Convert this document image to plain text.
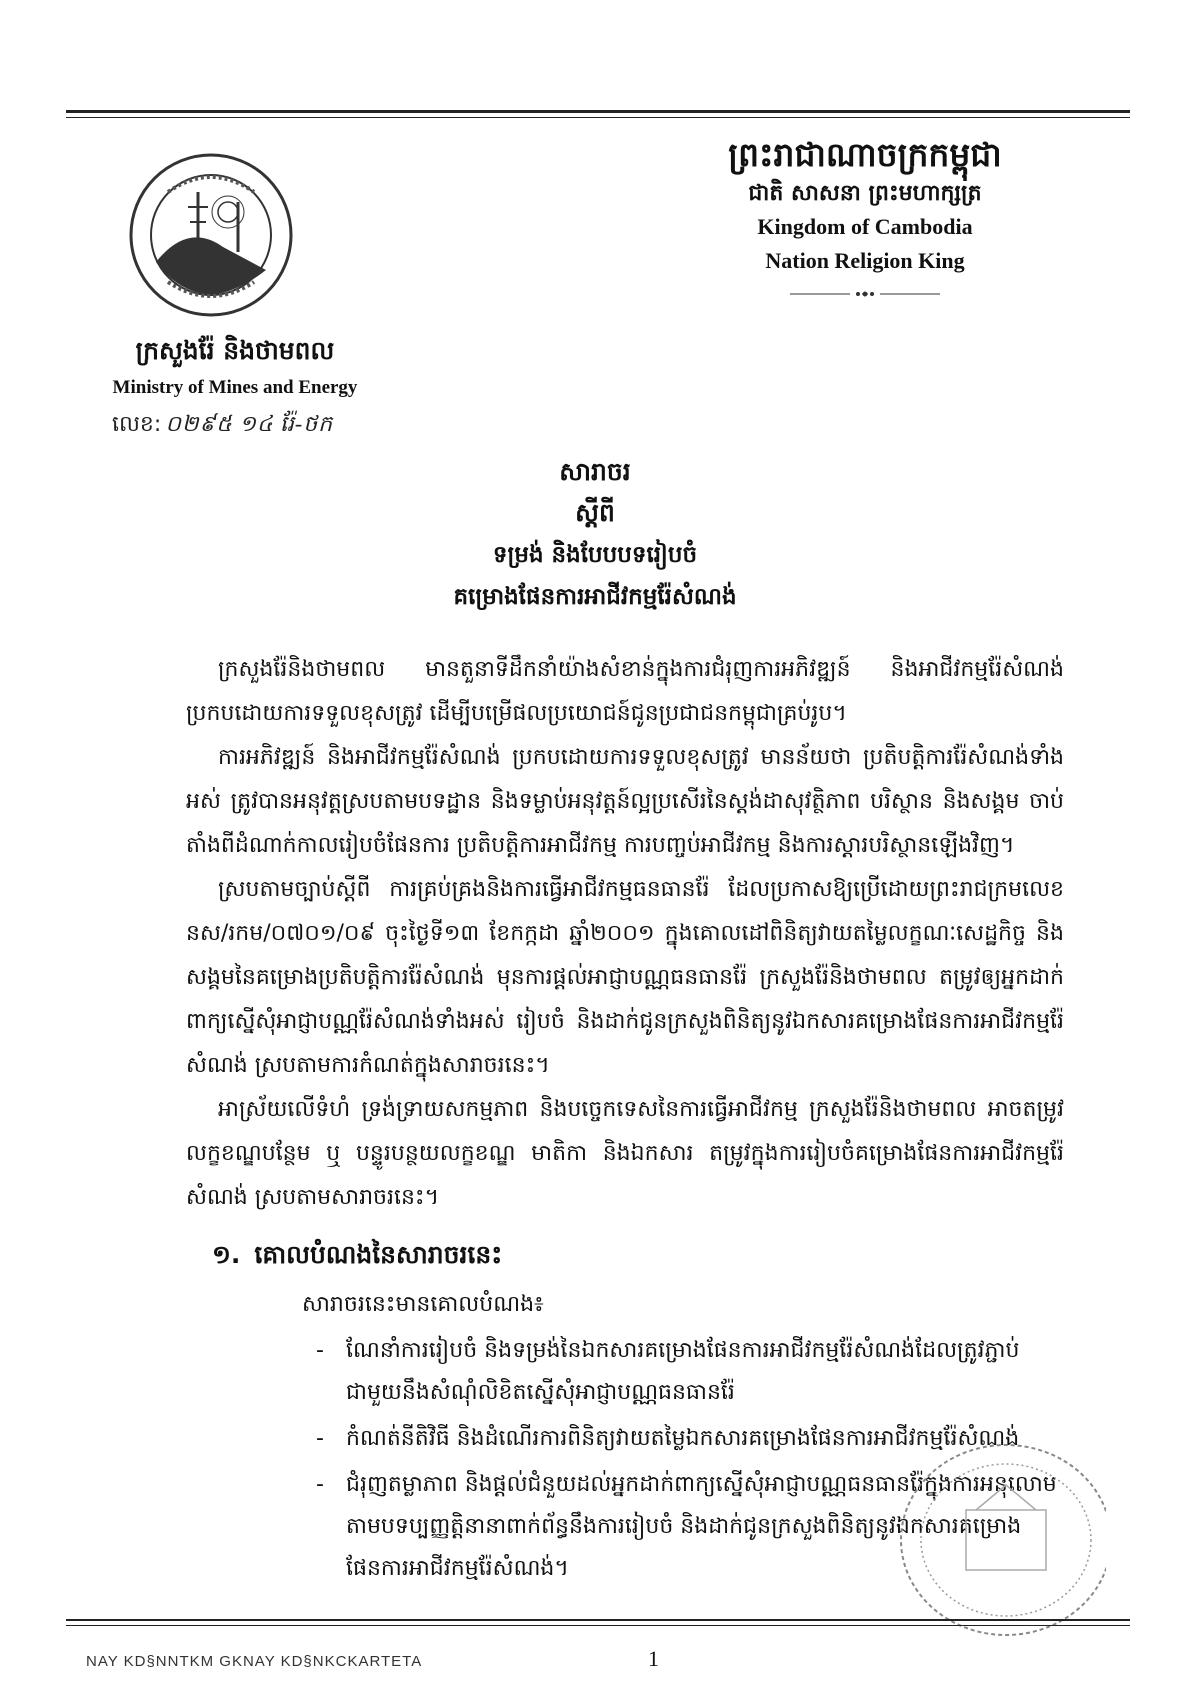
ក្រសួងរ៉ែ និងថាមពល
Ministry of Mines and Energy
លេខ: ០២៩៥ ១៤ រ៉ែ-ថក
ព្រះរាជាណាចក្រកម្ពុជា
ជាតិ សាសនា ព្រះមហាក្សត្រ
Kingdom of Cambodia
Nation Religion King
សារាចរ
ស្តីពី
ទម្រង់ និងបែបបទរៀបចំ
គម្រោងផែនការអាជីវកម្មរ៉ែសំណង់

ក្រសួងរ៉ែនិងថាមពល មានតួនាទីដឹកនាំយ៉ាងសំខាន់ក្នុងការជំរុញការអភិវឌ្ឍន៍ និងអាជីវកម្មរ៉ែសំណង់ប្រកបដោយការទទួលខុសត្រូវ ដើម្បីបម្រើផលប្រយោជន៍ជូនប្រជាជនកម្ពុជាគ្រប់រូប។

ការអភិវឌ្ឍន៍ និងអាជីវកម្មរ៉ែសំណង់ ប្រកបដោយការទទួលខុសត្រូវ មានន័យថា ប្រតិបត្តិការរ៉ែសំណង់ទាំងអស់ ត្រូវបានអនុវត្តស្របតាមបទដ្ឋាន និងទម្លាប់អនុវត្តន៍ល្អប្រសើរនៃស្តង់ដាសុវត្ថិភាព បរិស្ថាន និងសង្គម ចាប់តាំងពីដំណាក់កាលរៀបចំផែនការ ប្រតិបត្តិការអាជីវកម្ម ការបញ្ចប់អាជីវកម្ម និងការស្តារបរិស្ថានឡើងវិញ។

ស្របតាមច្បាប់ស្តីពី ការគ្រប់គ្រងនិងការធ្វើអាជីវកម្មធនធានរ៉ែ ដែលប្រកាសឱ្យប្រើដោយព្រះរាជក្រមលេខ នស/រកម/០៧០១/០៩ ចុះថ្ងៃទី១៣ ខែកក្កដា ឆ្នាំ២០០១ ក្នុងគោលដៅពិនិត្យវាយតម្លៃលក្ខណៈសេដ្ឋកិច្ច និងសង្គមនៃគម្រោងប្រតិបត្តិការរ៉ែសំណង់ មុនការផ្តល់អាជ្ញាបណ្ណធនធានរ៉ែ ក្រសួងរ៉ែនិងថាមពល តម្រូវឲ្យអ្នកដាក់ពាក្យស្នើសុំអាជ្ញាបណ្ណរ៉ែសំណង់ទាំងអស់ រៀបចំ និងដាក់ជូនក្រសួងពិនិត្យនូវឯកសារគម្រោងផែនការអាជីវកម្មរ៉ែសំណង់ ស្របតាមការកំណត់ក្នុងសារាចរនេះ។

អាស្រ័យលើទំហំ ទ្រង់ទ្រាយសកម្មភាព និងបច្ចេកទេសនៃការធ្វើអាជីវកម្ម ក្រសួងរ៉ែនិងថាមពល អាចតម្រូវលក្ខខណ្ឌបន្ថែម ឬ បន្ទូរបន្ថយលក្ខខណ្ឌ មាតិកា និងឯកសារ តម្រូវក្នុងការរៀបចំគម្រោងផែនការអាជីវកម្មរ៉ែសំណង់ ស្របតាមសារាចរនេះ។

១. គោលបំណងនៃសារាចរនេះ
សារាចរនេះមានគោលបំណង៖
- ណែនាំការរៀបចំ និងទម្រង់នៃឯកសារគម្រោងផែនការអាជីវកម្មរ៉ែសំណង់ដែលត្រូវភ្ជាប់ជាមួយនឹងសំណុំលិខិតស្នើសុំអាជ្ញាបណ្ណធនធានរ៉ែ
- កំណត់នីតិវិធី និងដំណើរការពិនិត្យវាយតម្លៃឯកសារគម្រោងផែនការអាជីវកម្មរ៉ែសំណង់
- ជំរុញតម្លាភាព និងផ្តល់ជំនួយដល់អ្នកដាក់ពាក្យស្នើសុំអាជ្ញាបណ្ណធនធានរ៉ែក្នុងការអនុលោមតាមបទប្បញ្ញត្តិនានាពាក់ព័ន្ធនឹងការរៀបចំ និងដាក់ជូនក្រសួងពិនិត្យនូវឯកសារគម្រោងផែនការអាជីវកម្មរ៉ែសំណង់។
NAY KD§NNTKM GKNAY KD§NKCKARTETA	1
